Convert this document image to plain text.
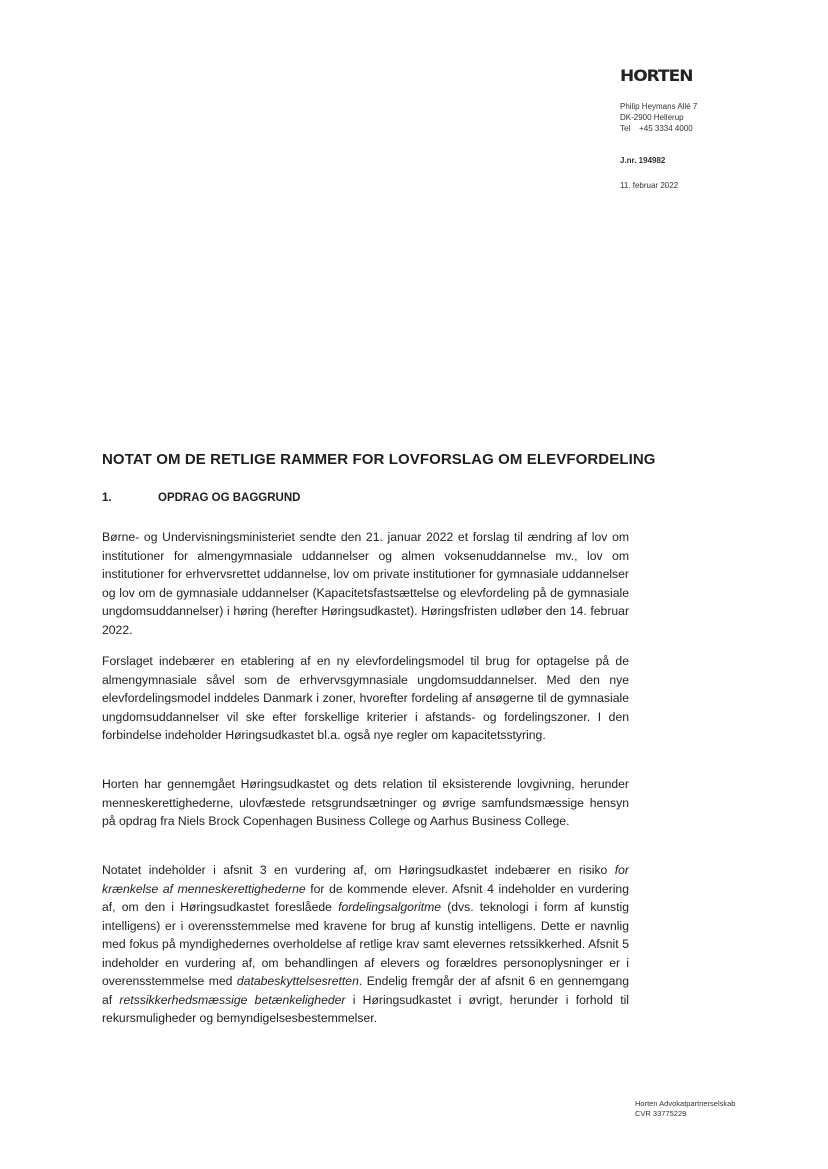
HORTEN
Philip Heymans Allé 7
DK-2900 Hellerup
Tel    +45 3334 4000
J.nr. 194982
11. februar 2022
NOTAT OM DE RETLIGE RAMMER FOR LOVFORSLAG OM ELEVFORDELING
1.	OPDRAG OG BAGGRUND
Børne- og Undervisningsministeriet sendte den 21. januar 2022 et forslag til ændring af lov om institutioner for almengymnasiale uddannelser og almen voksenuddannelse mv., lov om institutioner for erhvervsrettet uddannelse, lov om private institutioner for gymnasiale uddannelser og lov om de gymnasiale uddannelser (Kapacitetsfastsættelse og elevfordeling på de gymnasiale ungdomsuddannelser) i høring (herefter Høringsudkastet). Høringsfristen udløber den 14. februar 2022.
Forslaget indebærer en etablering af en ny elevfordelingsmodel til brug for optagelse på de almengymnasiale såvel som de erhvervsgymnasiale ungdomsuddannelser. Med den nye elevfordelingsmodel inddeles Danmark i zoner, hvorefter fordeling af ansøgerne til de gymnasiale ungdomsuddannelser vil ske efter forskellige kriterier i afstands- og fordelingszoner. I den forbindelse indeholder Høringsudkastet bl.a. også nye regler om kapacitetsstyring.
Horten har gennemgået Høringsudkastet og dets relation til eksisterende lovgivning, herunder menneskerettighederne, ulovfæstede retsgrundsætninger og øvrige samfundsmæssige hensyn på opdrag fra Niels Brock Copenhagen Business College og Aarhus Business College.
Notatet indeholder i afsnit 3 en vurdering af, om Høringsudkastet indebærer en risiko for krænkelse af menneskerettighederne for de kommende elever. Afsnit 4 indeholder en vurdering af, om den i Høringsudkastet foreslåede fordelingsalgoritme (dvs. teknologi i form af kunstig intelligens) er i overensstemmelse med kravene for brug af kunstig intelligens. Dette er navnlig med fokus på myndighedernes overholdelse af retlige krav samt elevernes retssikkerhed. Afsnit 5 indeholder en vurdering af, om behandlingen af elevers og forældres personoplysninger er i overensstemmelse med databeskyttelsesretten. Endelig fremgår der af afsnit 6 en gennemgang af retssikkerhedsmæssige betænkeligheder i Høringsudkastet i øvrigt, herunder i forhold til rekursmuligheder og bemyndigelsesbestemmelser.
Horten Advokatpartnerselskab
CVR 33775229
